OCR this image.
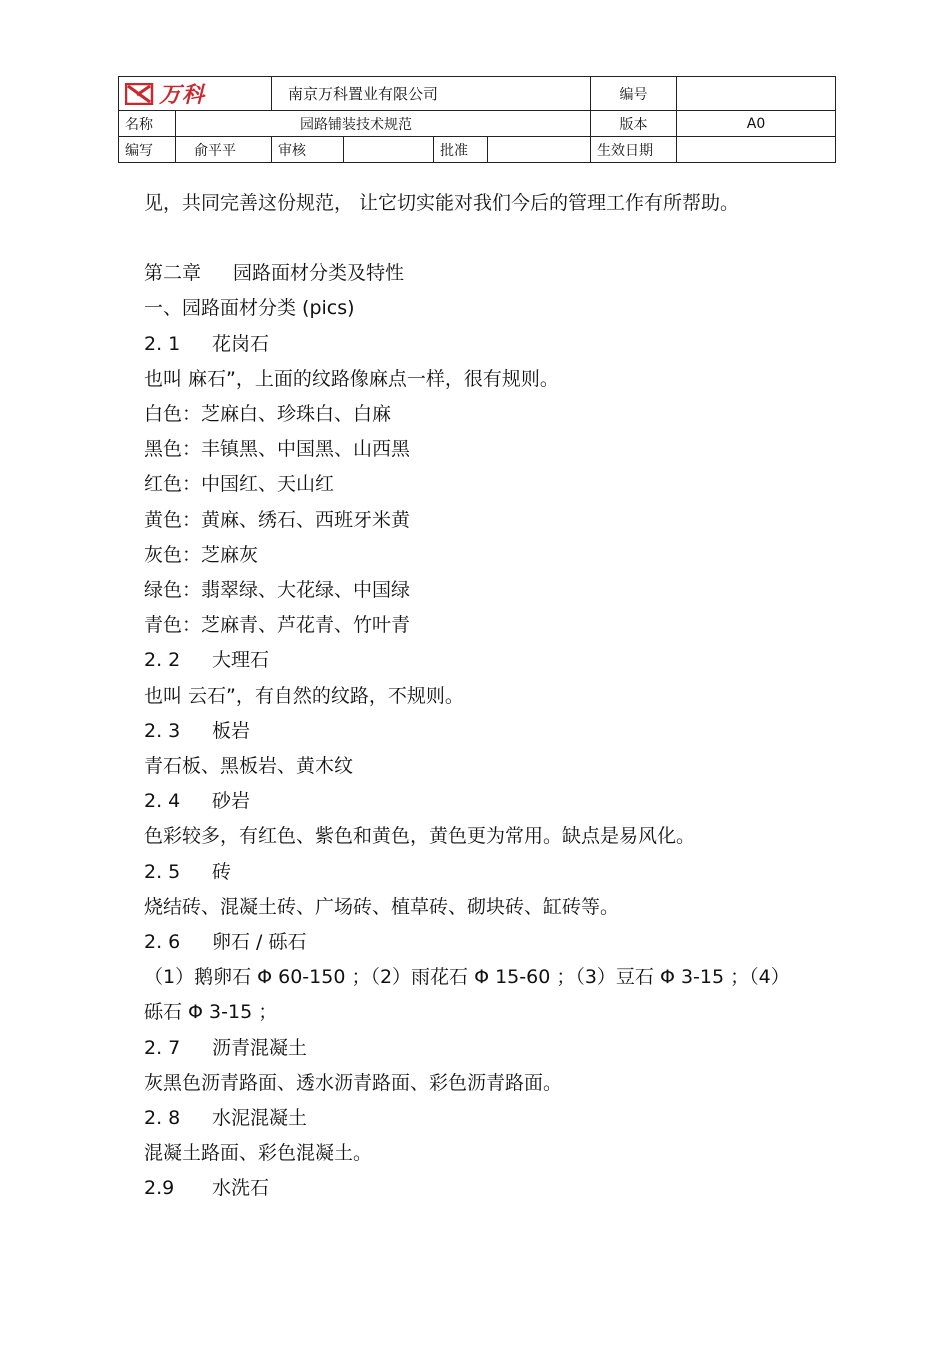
万科		南京万科置业有限公司				编号	
名称	园路铺装技术规范					版本	A0
编写	俞平平	审核		批准		生效日期	
见，共同完善这份规范， 让它切实能对我们今后的管理工作有所帮助。
第二章 园路面材分类及特性
一、园路面材分类 (pics)
2. 1 花岗石
也叫 麻石”，上面的纹路像麻点一样，很有规则。
白色：芝麻白、珍珠白、白麻
黑色：丰镇黑、中国黑、山西黑
红色：中国红、天山红
黄色：黄麻、绣石、西班牙米黄
灰色：芝麻灰
绿色：翡翠绿、大花绿、中国绿
青色：芝麻青、芦花青、竹叶青
2. 2 大理石
也叫 云石”，有自然的纹路，不规则。
2. 3 板岩
青石板、黑板岩、黄木纹
2. 4 砂岩
色彩较多，有红色、紫色和黄色，黄色更为常用。缺点是易风化。
2. 5 砖
烧结砖、混凝土砖、广场砖、植草砖、砌块砖、缸砖等。
2. 6 卵石 / 砾石
（1）鹅卵石 Φ 60-150 ；（2）雨花石 Φ 15-60 ；（3）豆石 Φ 3-15 ；（4）
砾石 Φ 3-15 ；
2. 7 沥青混凝土
灰黑色沥青路面、透水沥青路面、彩色沥青路面。
2. 8 水泥混凝土
混凝土路面、彩色混凝土。
2.9 水洗石
